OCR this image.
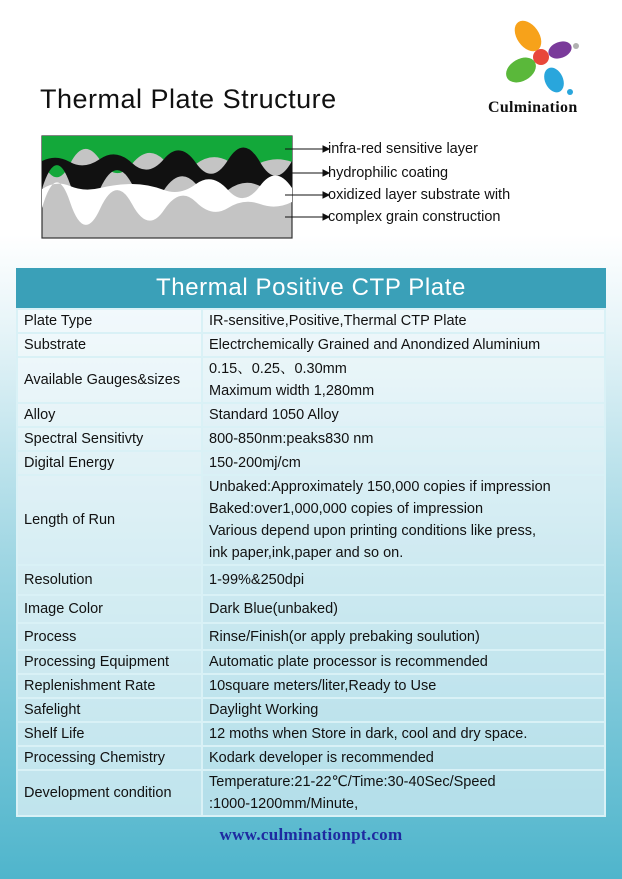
Thermal Plate Structure	Culmination
infra-red sensitive layer
hydrophilic coating
oxidized layer substrate with
complex grain construction
Thermal Positive CTP Plate
Plate Type	IR-sensitive,Positive,Thermal CTP Plate

Substrate	Electrchemically Grained and Anondized Aluminium

Available Gauges&sizes	0.15、0.25、0.30mm
Maximum width 1,280mm

Alloy	Standard 1050 Alloy

Spectral Sensitivty	800-850nm:peaks830 nm

Digital Energy	150-200mj/cm

Length of Run	Unbaked:Approximately 150,000 copies if impression
Baked:over1,000,000 copies of impression
Various depend upon printing conditions like press,
ink paper,ink,paper and so on.

Resolution	1-99%&250dpi

Image Color	Dark Blue(unbaked)

Process	Rinse/Finish(or apply prebaking soulution)

Processing Equipment	Automatic plate processor is recommended

Replenishment Rate	10square meters/liter,Ready to Use

Safelight	Daylight Working

Shelf Life	12 moths when Store in dark, cool and dry space.

Processing Chemistry	Kodark developer is recommended

Development condition	Temperature:21-22℃/Time:30-40Sec/Speed
:1000-1200mm/Minute,
www.culminationpt.com
